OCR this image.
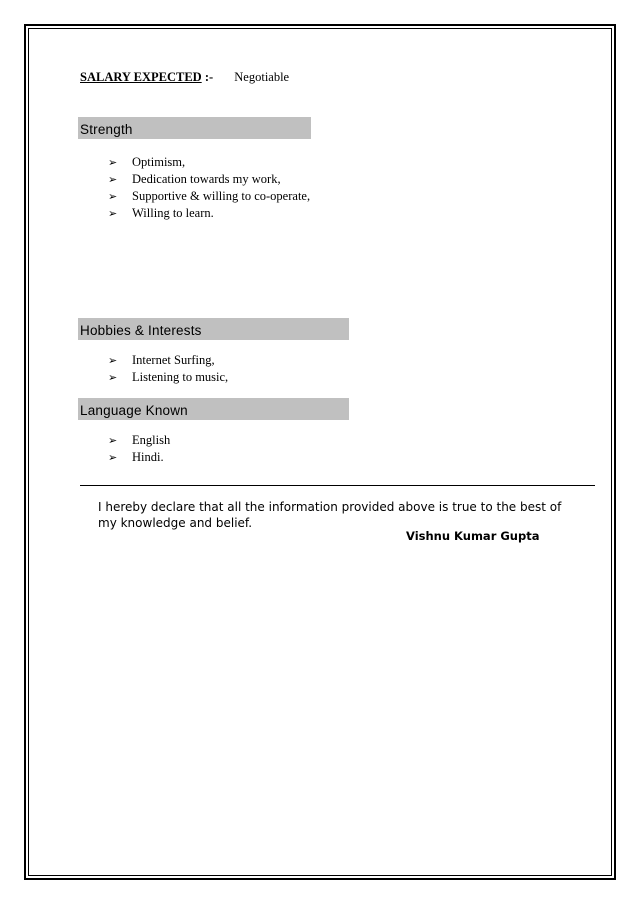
SALARY EXPECTED :- Negotiable
Strength
➢ Optimism,
➢ Dedication towards my work,
➢ Supportive & willing to co-operate,
➢ Willing to learn.
Hobbies & Interests
➢ Internet Surfing,
➢ Listening to music,
Language Known
➢ English
➢ Hindi.
I hereby declare that all the information provided above is true to the best of my knowledge and belief.
Vishnu Kumar Gupta
